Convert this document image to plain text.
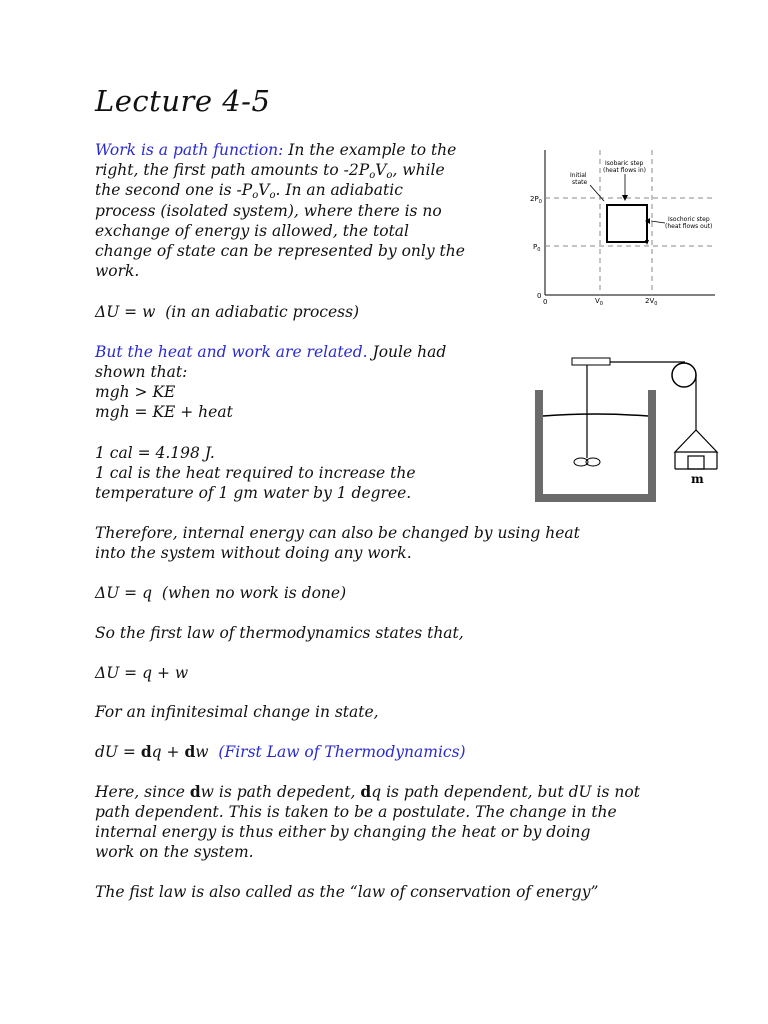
Lecture 4-5
Work is a path function: In the example to the
right, the first path amounts to $-2P_oV_o$, while
the second one is $-P_oV_o$. In an adiabatic
process (isolated system), where there is no
exchange of energy is allowed, the total
change of state can be represented by only the
work.
ΔU = w (in an adiabatic process)
But the heat and work are related. Joule had
shown that:
mgh > KE
mgh = KE + heat
1 cal = 4.198 J.
1 cal is the heat required to increase the
temperature of 1 gm water by 1 degree.
Therefore, internal energy can also be changed by using heat
into the system without doing any work.
ΔU = q (when no work is done)
So the first law of thermodynamics states that,
ΔU = q + w
For an infinitesimal change in state,
dU = dq + dw (First Law of Thermodynamics)
Here, since dw is path depedent, dq is path dependent, but dU is not
path dependent. This is taken to be a postulate. The change in the
internal energy is thus either by changing the heat or by doing
work on the system.
The fist law is also called as the “law of conservation of energy”
$2P_0$
$P_0$
0
0	$V_0$	$2V_0$
Initial
state
Isobaric step
(heat flows in)
Isochoric step
(heat flows out)
m
